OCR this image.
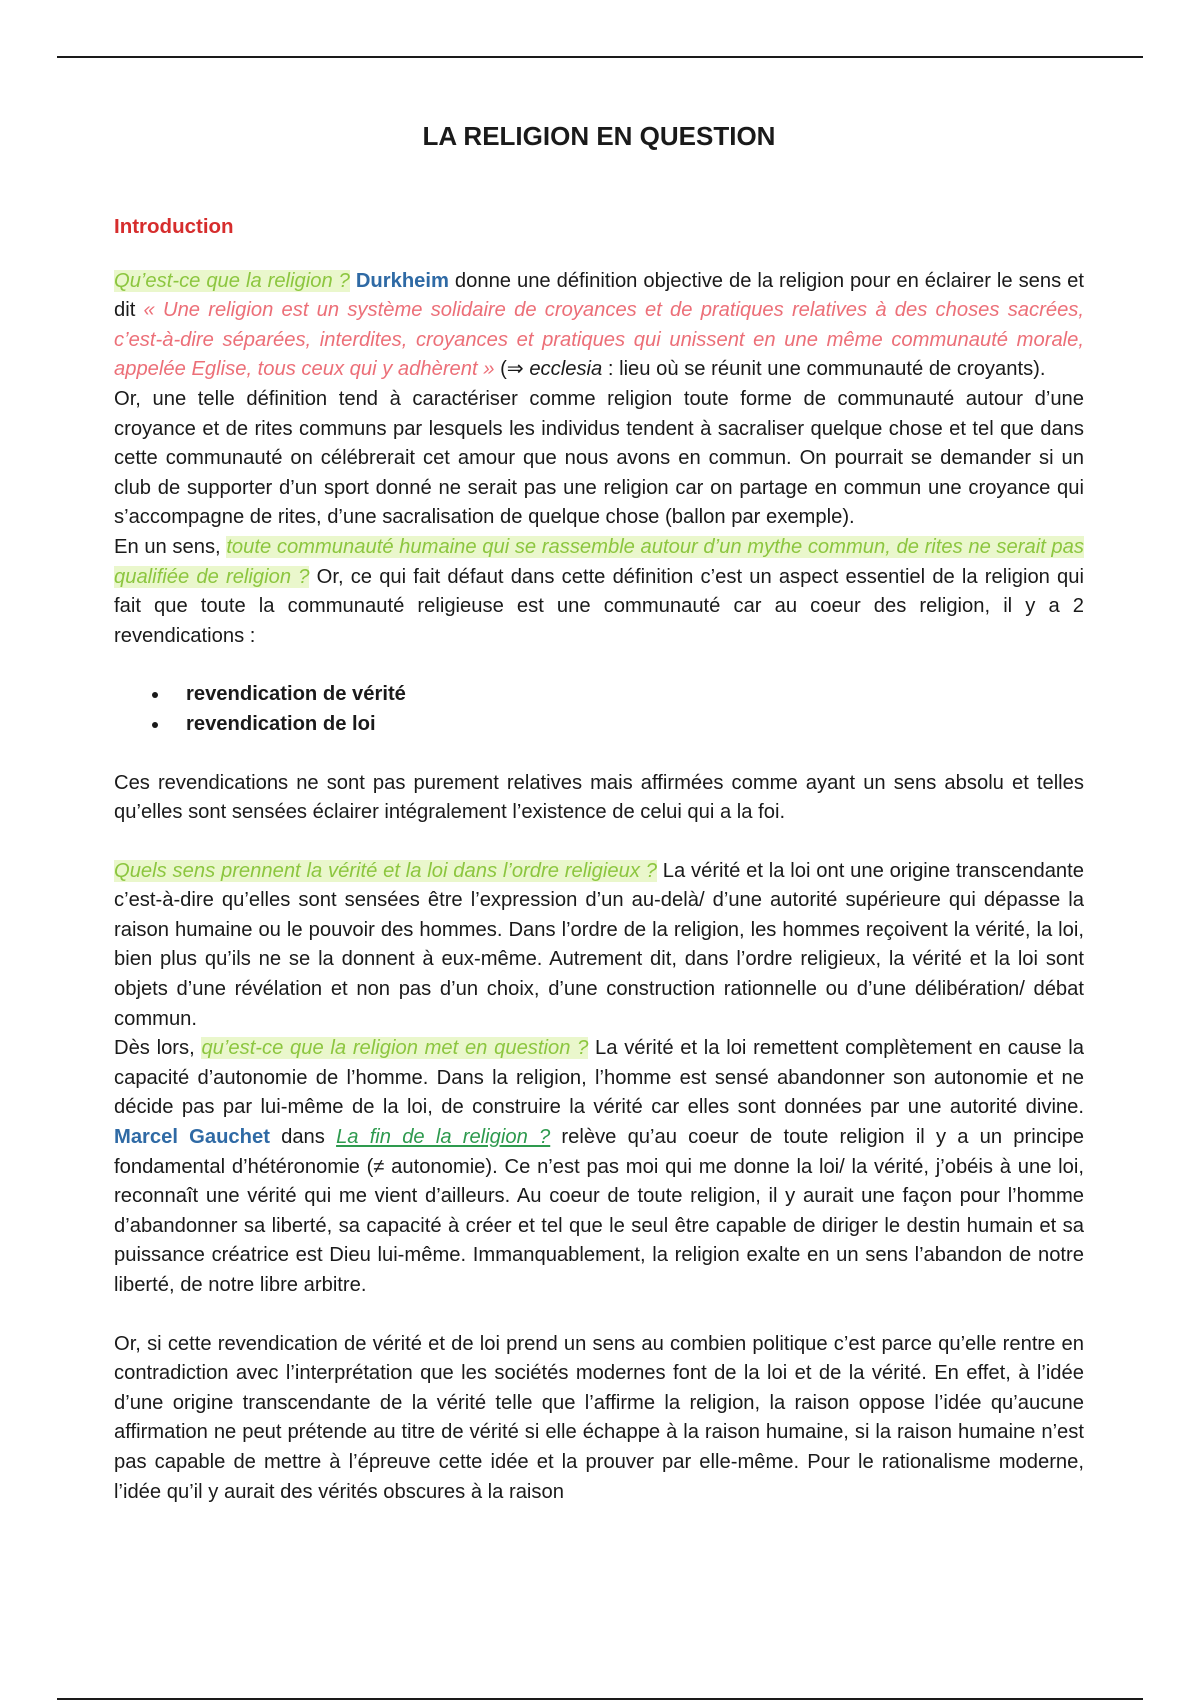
LA RELIGION EN QUESTION
Introduction

Qu’est-ce que la religion ? Durkheim donne une définition objective de la religion pour en éclairer le sens et dit « Une religion est un système solidaire de croyances et de pratiques relatives à des choses sacrées, c’est-à-dire séparées, interdites, croyances et pratiques qui unissent en une même communauté morale, appelée Eglise, tous ceux qui y adhèrent » (⇒ ecclesia : lieu où se réunit une communauté de croyants).

Or, une telle définition tend à caractériser comme religion toute forme de communauté autour d’une croyance et de rites communs par lesquels les individus tendent à sacraliser quelque chose et tel que dans cette communauté on célébrerait cet amour que nous avons en commun. On pourrait se demander si un club de supporter d’un sport donné ne serait pas une religion car on partage en commun une croyance qui s’accompagne de rites, d’une sacralisation de quelque chose (ballon par exemple).

En un sens, toute communauté humaine qui se rassemble autour d’un mythe commun, de rites ne serait pas qualifiée de religion ? Or, ce qui fait défaut dans cette définition c’est un aspect essentiel de la religion qui fait que toute la communauté religieuse est une communauté car au coeur des religion, il y a 2 revendications :

revendication de vérité
revendication de loi

Ces revendications ne sont pas purement relatives mais affirmées comme ayant un sens absolu et telles qu’elles sont sensées éclairer intégralement l’existence de celui qui a la foi.

Quels sens prennent la vérité et la loi dans l’ordre religieux ? La vérité et la loi ont une origine transcendante c’est-à-dire qu’elles sont sensées être l’expression d’un au-delà/ d’une autorité supérieure qui dépasse la raison humaine ou le pouvoir des hommes. Dans l’ordre de la religion, les hommes reçoivent la vérité, la loi, bien plus qu’ils ne se la donnent à eux-même. Autrement dit, dans l’ordre religieux, la vérité et la loi sont objets d’une révélation et non pas d’un choix, d’une construction rationnelle ou d’une délibération/ débat commun.

Dès lors, qu’est-ce que la religion met en question ? La vérité et la loi remettent complètement en cause la capacité d’autonomie de l’homme. Dans la religion, l’homme est sensé abandonner son autonomie et ne décide pas par lui-même de la loi, de construire la vérité car elles sont données par une autorité divine. Marcel Gauchet dans La fin de la religion ? relève qu’au coeur de toute religion il y a un principe fondamental d’hétéronomie (≠ autonomie). Ce n’est pas moi qui me donne la loi/ la vérité, j’obéis à une loi, reconnaît une vérité qui me vient d’ailleurs. Au coeur de toute religion, il y aurait une façon pour l’homme d’abandonner sa liberté, sa capacité à créer et tel que le seul être capable de diriger le destin humain et sa puissance créatrice est Dieu lui-même. Immanquablement, la religion exalte en un sens l’abandon de notre liberté, de notre libre arbitre.

Or, si cette revendication de vérité et de loi prend un sens au combien politique c’est parce qu’elle rentre en contradiction avec l’interprétation que les sociétés modernes font de la loi et de la vérité. En effet, à l’idée d’une origine transcendante de la vérité telle que l’affirme la religion, la raison oppose l’idée qu’aucune affirmation ne peut prétende au titre de vérité si elle échappe à la raison humaine, si la raison humaine n’est pas capable de mettre à l’épreuve cette idée et la prouver par elle-même. Pour le rationalisme moderne, l’idée qu’il y aurait des vérités obscures à la raison
